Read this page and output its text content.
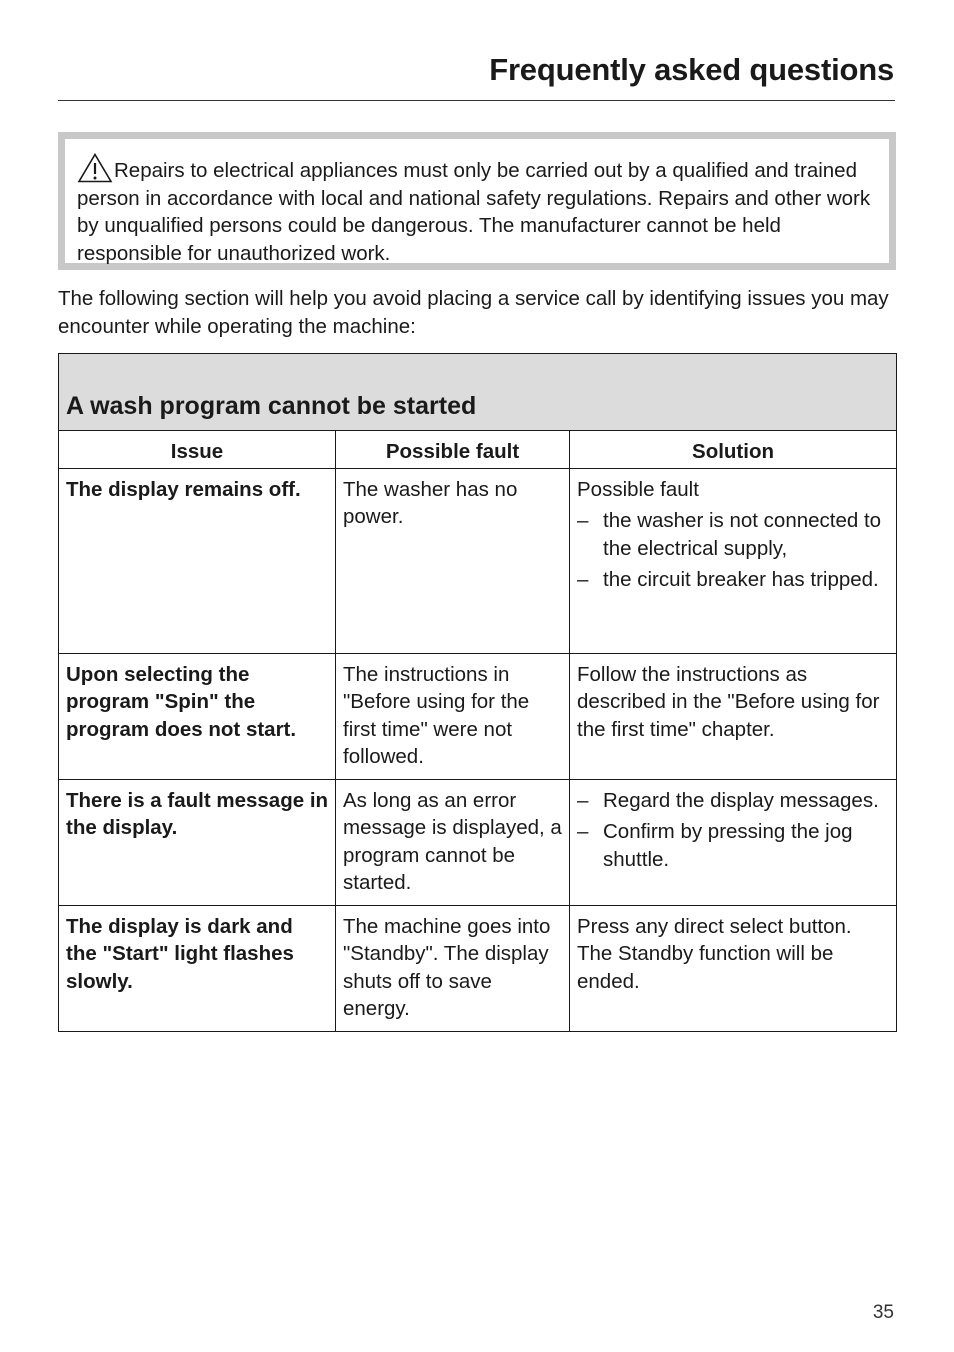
Frequently asked questions

Repairs to electrical appliances must only be carried out by a qualified and trained person in accordance with local and national safety regulations. Repairs and other work by unqualified persons could be dangerous. The manufacturer cannot be held responsible for unauthorized work.

The following section will help you avoid placing a service call by identifying issues you may encounter while operating the machine:

A wash program cannot be started		
Issue	Possible fault	Solution
The display remains off.	The washer has no power.	Possible fault
– the washer is not connected to the electrical supply,
– the circuit breaker has tripped.

Upon selecting the program "Spin" the program does not start.	The instructions in "Before using for the first time" were not followed.	Follow the instructions as described in the "Before using for the first time" chapter.
There is a fault message in the display.	As long as an error message is displayed, a program cannot be started.	– Regard the display messages.
– Confirm by pressing the jog shuttle.

The display is dark and the "Start" light flashes slowly.	The machine goes into "Standby". The display shuts off to save energy.	Press any direct select button. The Standby function will be ended.
35
